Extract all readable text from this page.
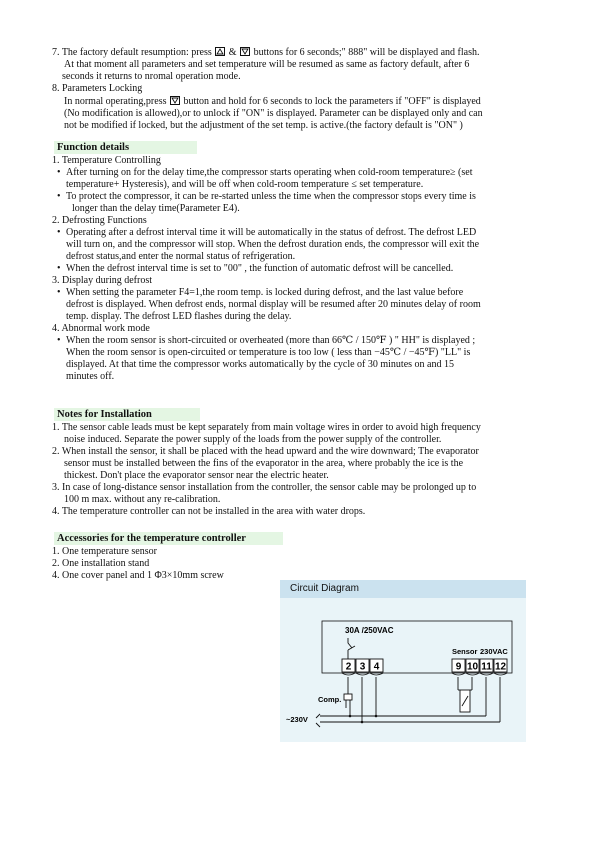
7. The factory default resumption: press & buttons for 6 seconds;" 888" will be displayed and flash.
At that moment all parameters and set temperature will be resumed as same as factory default, after 6
seconds it returns to nromal operation mode.
8. Parameters Locking
In normal operating,press button and hold for 6 seconds to lock the parameters if "OFF" is displayed
(No modification is allowed),or to unlock if "ON" is displayed. Parameter can be displayed only and can
not be modified if locked, but the adjustment of the set temp. is active.(the factory default is "ON" )
Function details
1. Temperature Controlling
• After turning on for the delay time,the compressor starts operating when cold-room temperature≥ (set
temperature+ Hysteresis), and will be off when cold-room temperature ≤ set temperature.
• To protect the compressor, it can be re-started unless the time when the compressor stops every time is
longer than the delay time(Parameter E4).
2. Defrosting Functions
• Operating after a defrost interval time it will be automatically in the status of defrost. The defrost LED
will turn on, and the compressor will stop. When the defrost duration ends, the compressor will exit the
defrost status,and enter the normal status of refrigeration.
• When the defrost interval time is set to "00" , the function of automatic defrost will be cancelled.
3. Display during defrost
• When setting the parameter F4=1,the room temp. is locked during defrost, and the last value before
defrost is displayed. When defrost ends, normal display will be resumed after 20 minutes delay of room
temp. display. The defrost LED flashes during the delay.
4. Abnormal work mode
• When the room sensor is short-circuited or overheated (more than 66℃ / 150℉ ) " HH" is displayed ;
When the room sensor is open-circuited or temperature is too low ( less than −45℃ / −45℉) "LL" is
displayed. At that time the compressor works automatically by the cycle of 30 minutes on and 15
minutes off.
Notes for Installation
1. The sensor cable leads must be kept separately from main voltage wires in order to avoid high frequency
noise induced. Separate the power supply of the loads from the power supply of the controller.
2. When install the sensor, it shall be placed with the head upward and the wire downward; The evaporator
sensor must be installed between the fins of the evaporator in the area, where probably the ice is the
thickest. Don't place the evaporator sensor near the electric heater.
3. In case of long-distance sensor installation from the controller, the sensor cable may be prolonged up to
100 m max. without any re-calibration.
4. The temperature controller can not be installed in the area with water drops.
Accessories for the temperature controller
1. One temperature sensor
2. One installation stand
4. One cover panel and 1 Φ3×10mm screw
Circuit Diagram
30A /250VAC
2 3 4
Sensor 230VAC
9 10 11 12
Comp.
~230V
